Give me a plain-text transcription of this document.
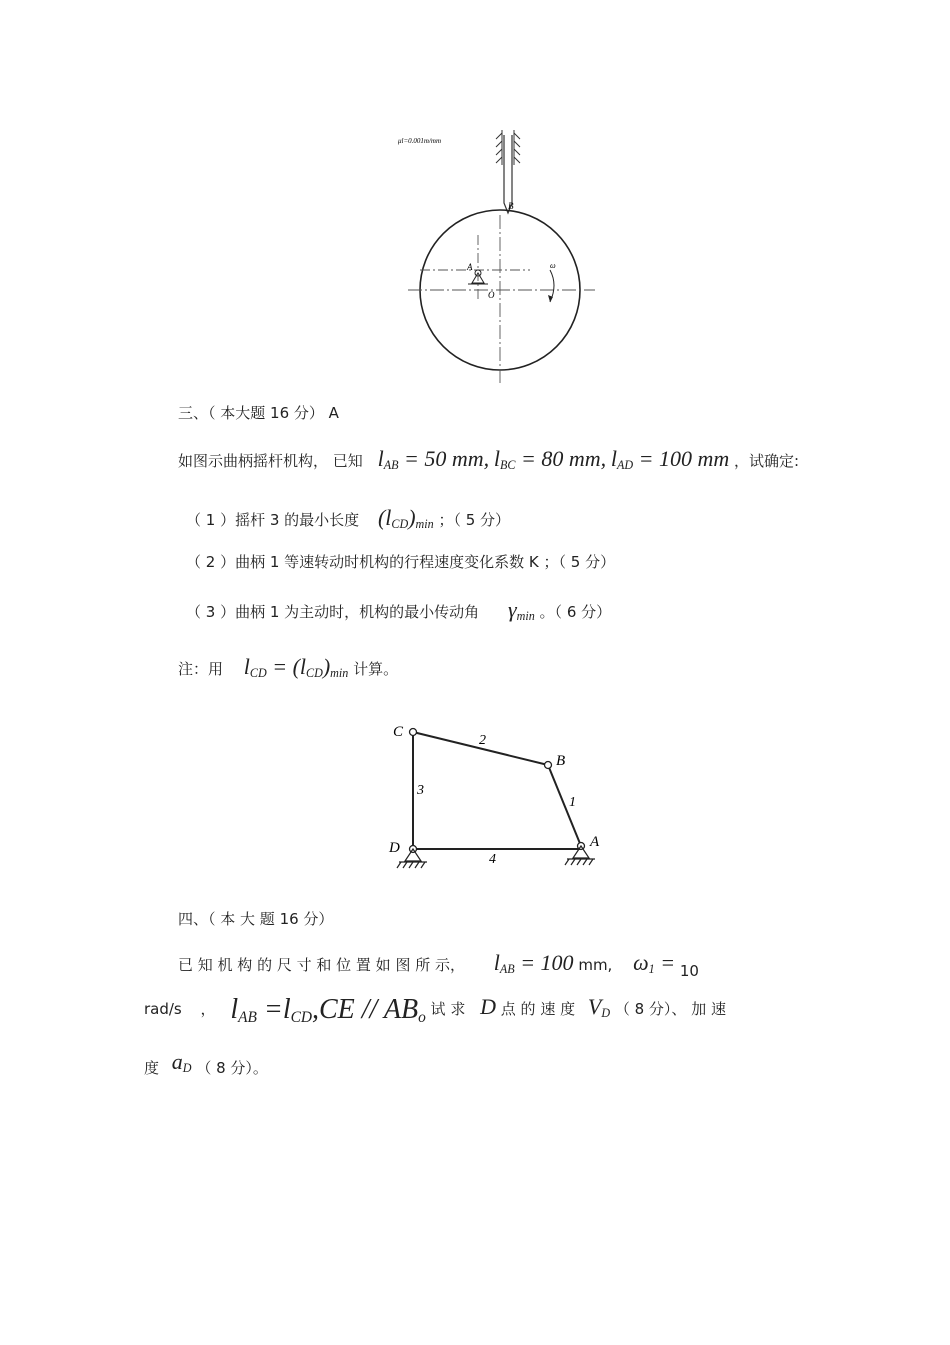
μl=0.001m/mm
B
A
O
ω
三、（ 本大题 16 分） A
如图示曲柄摇杆机构， 已知 $l_{AB} = 50$ mm, $l_{BC} = 80$ mm, $l_{AD} = 100$ mm ，试确定:
（ 1 ）摇杆 3 的最小长度 $(l_{CD})_{min}$ ；（ 5 分）
（ 2 ）曲柄 1 等速转动时机构的行程速度变化系数 K ；（ 5 分）
（ 3 ）曲柄 1 为主动时，机构的最小传动角 $\gamma_{min}$ 。（ 6 分）
注：用 $l_{CD} = (l_{CD})_{min}$ 计算。
C
B
D	A
2
1
3
4
四、（ 本 大 题 16 分）
已 知 机 构 的 尺 寸 和 位 置 如 图 所 示， $l_{AB} = 100$ mm, $\omega_1 = 10$
rad/s ， $l_{AB} =l_{CD},CE // AB_o$ 试 求 D 点 的 速 度 $V_D$ （ 8 分）、 加 速
度 $a_D$ （ 8 分）。
